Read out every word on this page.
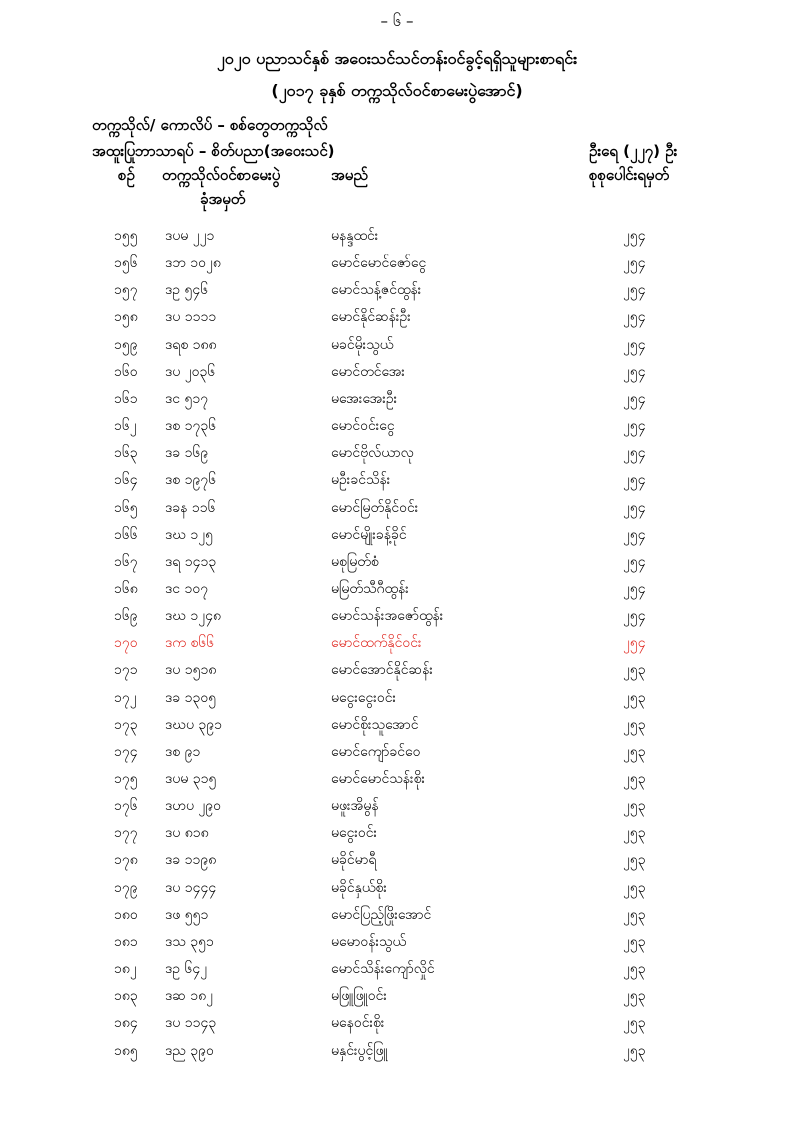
– ၆ –
၂၀၂၀ ပညာသင်နှစ် အဝေးသင်သင်တန်းဝင်ခွင့်ရရှိသူများစာရင်း
(၂၀၁၇ ခုနှစ် တက္ကသိုလ်ဝင်စာမေးပွဲအောင်)
တက္ကသိုလ်/ ကောလိပ် – စစ်တွေတက္ကသိုလ်
အထူးပြုဘာသာရပ် – စိတ်ပညာ(အဝေးသင်)	ဦးရေ (၂၂၇) ဦး
စဉ် တက္ကသိုလ်ဝင်စာမေးပွဲ
ခုံအမှတ်
အမည်	စုစုပေါင်းရမှတ်
၁၅၅ ဒပမ ၂၂၁	မနန္ဒထင်း	၂၅၄
၁၅၆ ဒဘ ၁၀၂၈	မောင်မောင်ဇော်ငွေ	၂၅၄
၁၅၇ ဒဥ ၅၄၆	မောင်သန့်ဇင်ထွန်း	၂၅၄
၁၅၈ ဒပ ၁၁၁၁	မောင်နိုင်ဆန်းဦး	၂၅၄
၁၅၉ ဒရစ ၁၈၈	မခင်မိုးသွယ်	၂၅၄
၁၆၀ ဒပ ၂၀၃၆	မောင်တင်အေး	၂၅၄
၁၆၁ ဒင ၅၁၇	မအေးအေးဦး	၂၅၄
၁၆၂ ဒစ ၁၇၃၆	မောင်ဝင်းငွေ	၂၅၄
၁၆၃ ဒခ ၁၆၉	မောင်ဗိုလ်ယာလု	၂၅၄
၁၆၄ ဒစ ၁၉၇၆	မဦးခင်သိန်း	၂၅၄
၁၆၅ ဒခန ၁၁၆	မောင်မြတ်နိုင်ဝင်း	၂၅၄
၁၆၆ ဒဃ ၁၂၅	မောင်မျိုးခန့်ခိုင်	၂၅၄
၁၆၇ ဒရ ၁၄၁၃	မစုမြတ်စံ	၂၅၄
၁၆၈ ဒင ၁၀၇	မမြတ်သီဂီထွန်း	၂၅၄
၁၆၉ ဒဃ ၁၂၄၈	မောင်သန်းအဇော်ထွန်း	၂၅၄
၁၇၀ ဒက စ၆၆	မောင်ထက်နိုင်ဝင်း	၂၅၄
၁၇၁ ဒပ ၁၅၁၈	မောင်အောင်နိုင်ဆန်း	၂၅၃
၁၇၂ ဒခ ၁၃၀၅	မငွေးငွေးဝင်း	၂၅၃
၁၇၃ ဒဃပ ၃၉၁	မောင်စိုးသူအောင်	၂၅၃
၁၇၄ ဒစ ၉၁	မောင်ကျော်ခင်ဝေ	၂၅၃
၁၇၅ ဒပမ ၃၁၅	မောင်မောင်သန်းစိုး	၂၅၃
၁၇၆ ဒဟပ ၂၉၀	မဖူးအိမွန်	၂၅၃
၁၇၇ ဒပ ၈၁၈	မငွေးဝင်း	၂၅၃
၁၇၈ ဒခ ၁၁၉၈	မခိုင်မာရီ	၂၅၃
၁၇၉ ဒပ ၁၄၄၄	မခိုင်နှယ်စိုး	၂၅၃
၁၈၀ ဒဖ ၅၅၁	မောင်ပြည့်ဖြိုးအောင်	၂၅၃
၁၈၁ ဒသ ၃၅၁	မမောဝန်းသွယ်	၂၅၃
၁၈၂ ဒဥ ၆၄၂	မောင်သိန်းကျော်လှိုင်	၂၅၃
၁၈၃ ဒဆ ၁၈၂	မဖြူဖြူဝင်း	၂၅၃
၁၈၄ ဒပ ၁၁၄၃	မနေဝင်းစိုး	၂၅၃
၁၈၅ ဒည ၃၉၀	မနှင်းပွင့်ဖြူ	၂၅၃
